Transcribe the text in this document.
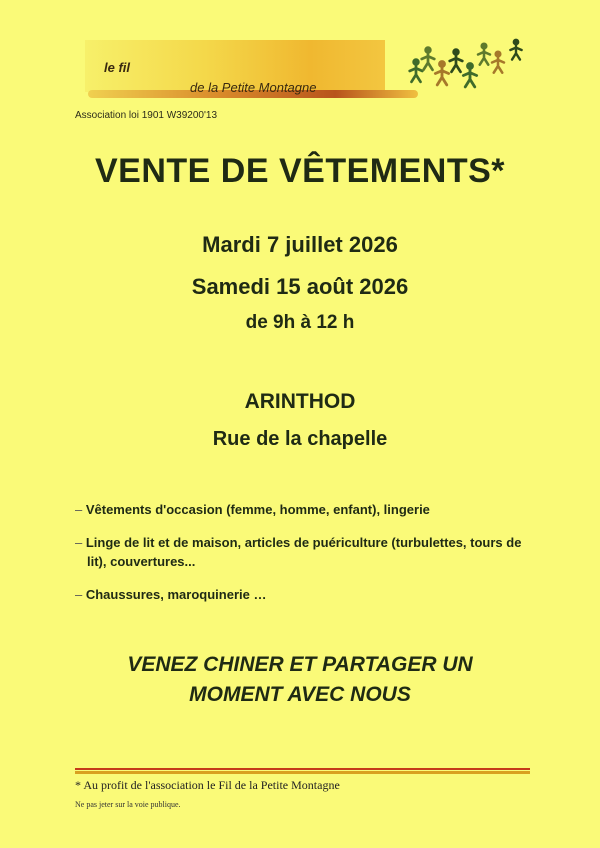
le fil
de la Petite Montagne
Association loi 1901 W39200'13
VENTE DE VÊTEMENTS*
Mardi 7 juillet 2026
Samedi 15 août 2026
de 9h à 12 h
ARINTHOD
Rue de la chapelle
– Vêtements d'occasion (femme, homme, enfant), lingerie
– Linge de lit et de maison, articles de puériculture (turbulettes, tours de lit), couvertures...
– Chaussures, maroquinerie …
VENEZ CHINER ET PARTAGER UN
MOMENT AVEC NOUS
* Au profit de l'association le Fil de la Petite Montagne
Ne pas jeter sur la voie publique.
